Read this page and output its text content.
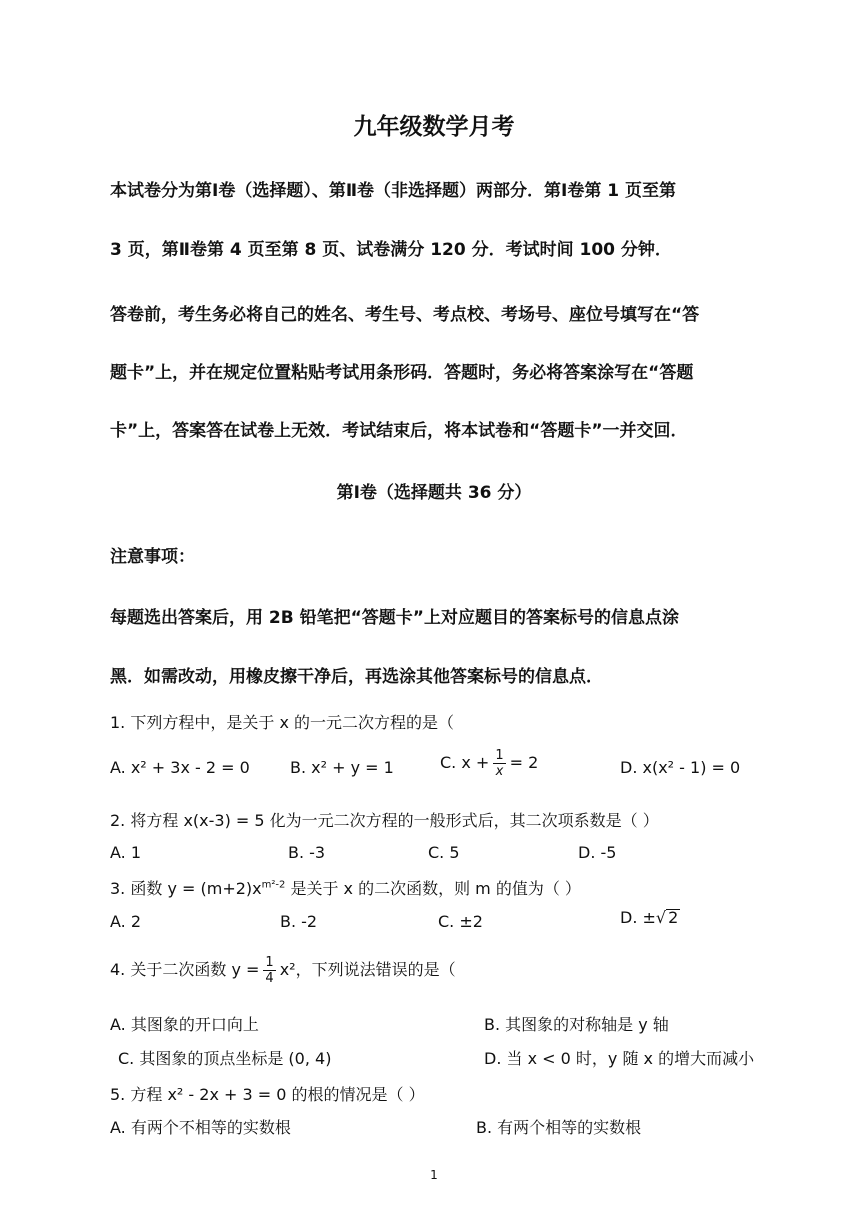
九年级数学月考
本试卷分为第Ⅰ卷（选择题）、第Ⅱ卷（非选择题）两部分．第Ⅰ卷第 1 页至第
3 页，第Ⅱ卷第 4 页至第 8 页、试卷满分 120 分．考试时间 100 分钟．
答卷前，考生务必将自己的姓名、考生号、考点校、考场号、座位号填写在“答
题卡”上，并在规定位置粘贴考试用条形码．答题时，务必将答案涂写在“答题
卡”上，答案答在试卷上无效．考试结束后，将本试卷和“答题卡”一并交回．
第Ⅰ卷（选择题共 36 分）
注意事项：
每题选出答案后，用 2B 铅笔把“答题卡”上对应题目的答案标号的信息点涂
黑．如需改动，用橡皮擦干净后，再选涂其他答案标号的信息点．
1. 下列方程中，是关于 x 的一元二次方程的是（
A. x² + 3x - 2 = 0	B. x² + y = 1	C. $x + \frac{1}{x} = 2$	D. x(x² - 1) = 0
2. 将方程 x(x-3) = 5 化为一元二次方程的一般形式后，其二次项系数是（ ）
A. 1	B. -3	C. 5	D. -5
3. 函数 $y = (m+2)x^{m^2-2}$ 是关于 x 的二次函数，则 m 的值为（ ）
A. 2	B. -2	C. ±2	D. ±√ 2
4. 关于二次函数 $y = \frac{1}{4} x^2$，下列说法错误的是（
A. 其图象的开口向上	B. 其图象的对称轴是 y 轴
C. 其图象的顶点坐标是 (0, 4)	D. 当 x < 0 时，y 随 x 的增大而减小
5. 方程 x² - 2x + 3 = 0 的根的情况是（ ）
A. 有两个不相等的实数根	B. 有两个相等的实数根
1
